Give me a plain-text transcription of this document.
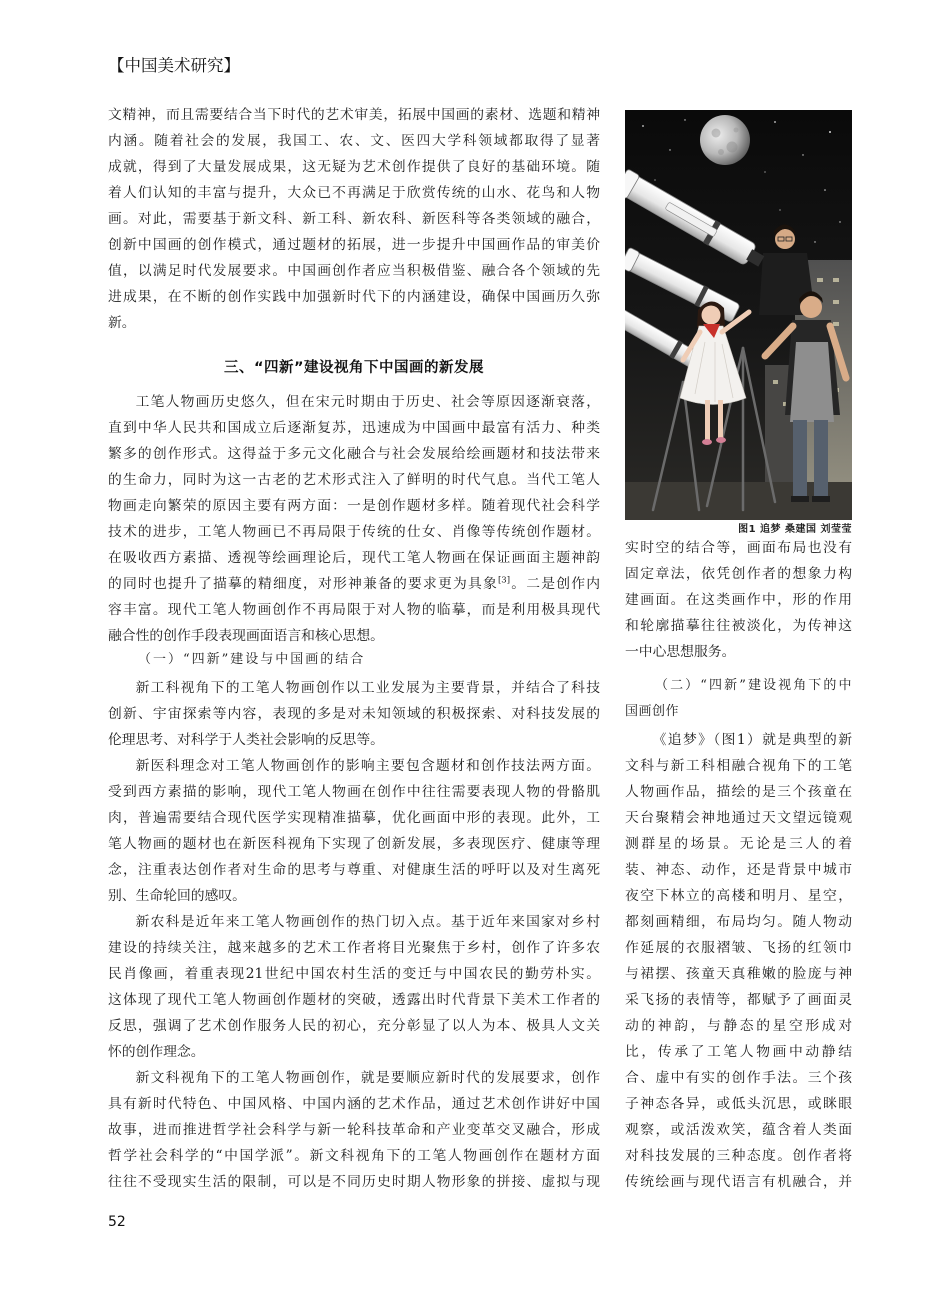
【中国美术研究】
文精神，而且需要结合当下时代的艺术审美，拓展中国画的素材、选题和精神
内涵。随着社会的发展，我国工、农、文、医四大学科领域都取得了显著
成就，得到了大量发展成果，这无疑为艺术创作提供了良好的基础环境。随
着人们认知的丰富与提升，大众已不再满足于欣赏传统的山水、花鸟和人物
画。对此，需要基于新文科、新工科、新农科、新医科等各类领域的融合，
创新中国画的创作模式，通过题材的拓展，进一步提升中国画作品的审美价
值，以满足时代发展要求。中国画创作者应当积极借鉴、融合各个领域的先
进成果，在不断的创作实践中加强新时代下的内涵建设，确保中国画历久弥
新。
三、“四新”建设视角下中国画的新发展
工笔人物画历史悠久，但在宋元时期由于历史、社会等原因逐渐衰落，
直到中华人民共和国成立后逐渐复苏，迅速成为中国画中最富有活力、种类
繁多的创作形式。这得益于多元文化融合与社会发展给绘画题材和技法带来
的生命力，同时为这一古老的艺术形式注入了鲜明的时代气息。当代工笔人
物画走向繁荣的原因主要有两方面：一是创作题材多样。随着现代社会科学
技术的进步，工笔人物画已不再局限于传统的仕女、肖像等传统创作题材。
在吸收西方素描、透视等绘画理论后，现代工笔人物画在保证画面主题神韵
的同时也提升了描摹的精细度，对形神兼备的要求更为具象[3]。二是创作内
容丰富。现代工笔人物画创作不再局限于对人物的临摹，而是利用极具现代
融合性的创作手段表现画面语言和核心思想。
（一）“四新”建设与中国画的结合
新工科视角下的工笔人物画创作以工业发展为主要背景，并结合了科技
创新、宇宙探索等内容，表现的多是对未知领域的积极探索、对科技发展的
伦理思考、对科学于人类社会影响的反思等。
新医科理念对工笔人物画创作的影响主要包含题材和创作技法两方面。
受到西方素描的影响，现代工笔人物画在创作中往往需要表现人物的骨骼肌
肉，普遍需要结合现代医学实现精准描摹，优化画面中形的表现。此外，工
笔人物画的题材也在新医科视角下实现了创新发展，多表现医疗、健康等理
念，注重表达创作者对生命的思考与尊重、对健康生活的呼吁以及对生离死
别、生命轮回的感叹。
新农科是近年来工笔人物画创作的热门切入点。基于近年来国家对乡村
建设的持续关注，越来越多的艺术工作者将目光聚焦于乡村，创作了许多农
民肖像画，着重表现21世纪中国农村生活的变迁与中国农民的勤劳朴实。
这体现了现代工笔人物画创作题材的突破，透露出时代背景下美术工作者的
反思，强调了艺术创作服务人民的初心，充分彰显了以人为本、极具人文关
怀的创作理念。
新文科视角下的工笔人物画创作，就是要顺应新时代的发展要求，创作
具有新时代特色、中国风格、中国内涵的艺术作品，通过艺术创作讲好中国
故事，进而推进哲学社会科学与新一轮科技革命和产业变革交叉融合，形成
哲学社会科学的“中国学派”。新文科视角下的工笔人物画创作在题材方面
往往不受现实生活的限制，可以是不同历史时期人物形象的拼接、虚拟与现
图1 追梦 桑建国 刘莹莹
实时空的结合等，画面布局也没有
固定章法，依凭创作者的想象力构
建画面。在这类画作中，形的作用
和轮廓描摹往往被淡化，为传神这
一中心思想服务。
（二）“四新”建设视角下的中
国画创作
《追梦》（图1）就是典型的新
文科与新工科相融合视角下的工笔
人物画作品，描绘的是三个孩童在
天台聚精会神地通过天文望远镜观
测群星的场景。无论是三人的着
装、神态、动作，还是背景中城市
夜空下林立的高楼和明月、星空，
都刻画精细，布局均匀。随人物动
作延展的衣服褶皱、飞扬的红领巾
与裙摆、孩童天真稚嫩的脸庞与神
采飞扬的表情等，都赋予了画面灵
动的神韵，与静态的星空形成对
比，传承了工笔人物画中动静结
合、虚中有实的创作手法。三个孩
子神态各异，或低头沉思，或眯眼
观察，或活泼欢笑，蕴含着人类面
对科技发展的三种态度。创作者将
传统绘画与现代语言有机融合，并
52
